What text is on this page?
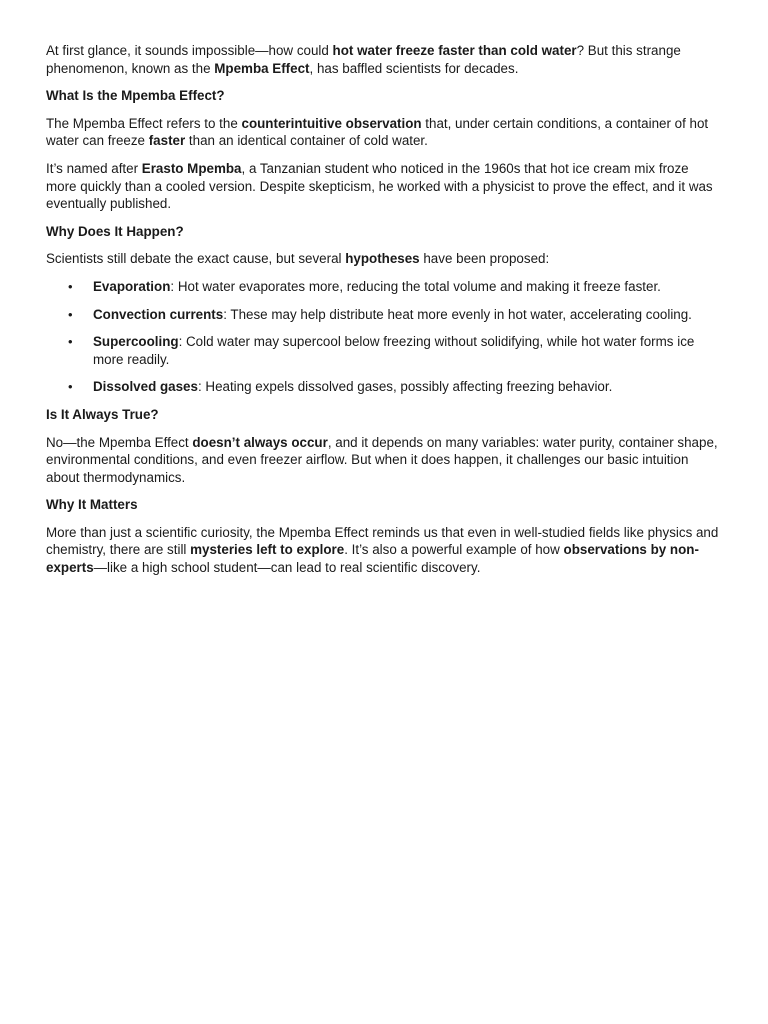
At first glance, it sounds impossible—how could hot water freeze faster than cold water? But this strange phenomenon, known as the Mpemba Effect, has baffled scientists for decades.

What Is the Mpemba Effect?

The Mpemba Effect refers to the counterintuitive observation that, under certain conditions, a container of hot water can freeze faster than an identical container of cold water.

It’s named after Erasto Mpemba, a Tanzanian student who noticed in the 1960s that hot ice cream mix froze more quickly than a cooled version. Despite skepticism, he worked with a physicist to prove the effect, and it was eventually published.

Why Does It Happen?

Scientists still debate the exact cause, but several hypotheses have been proposed:

• Evaporation: Hot water evaporates more, reducing the total volume and making it freeze faster.
• Convection currents: These may help distribute heat more evenly in hot water, accelerating cooling.
• Supercooling: Cold water may supercool below freezing without solidifying, while hot water forms ice more readily.
• Dissolved gases: Heating expels dissolved gases, possibly affecting freezing behavior.
Is It Always True?

No—the Mpemba Effect doesn’t always occur, and it depends on many variables: water purity, container shape, environmental conditions, and even freezer airflow. But when it does happen, it challenges our basic intuition about thermodynamics.

Why It Matters

More than just a scientific curiosity, the Mpemba Effect reminds us that even in well-studied fields like physics and chemistry, there are still mysteries left to explore. It’s also a powerful example of how observations by non-experts—like a high school student—can lead to real scientific discovery.
